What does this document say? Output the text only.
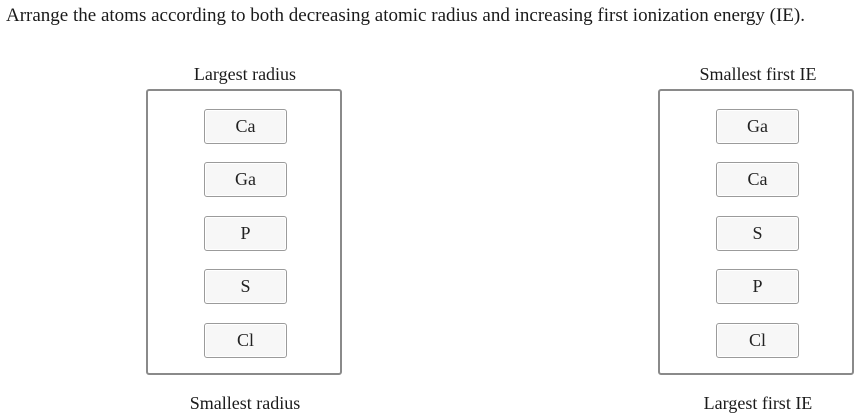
Arrange the atoms according to both decreasing atomic radius and increasing first ionization energy (IE).
Largest radius
Ca
Ga
P
S
Cl
Smallest radius
Smallest first IE
Ga
Ca
S
P
Cl
Largest first IE
